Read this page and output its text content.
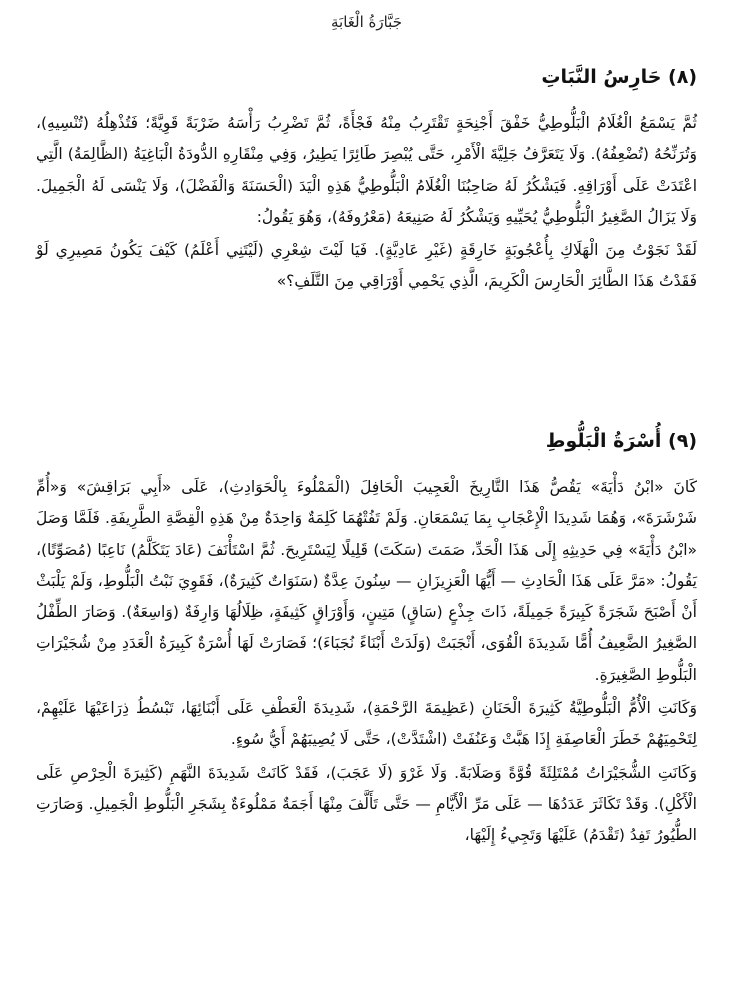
جَبَّارَةُ الْغَابَةِ
(٨) حَارِسُ النَّبَاتِ

ثُمَّ يَسْمَعُ الْغُلَامُ الْبَلُّوطِيُّ خَفْقَ أَجْنِحَةٍ تَقْتَرِبُ مِنْهُ فَجْأَةً، ثُمَّ تَضْرِبُ رَأْسَهُ ضَرْبَةً قَوِيَّةً؛ فَتُذْهِلُهُ (تُنْسِيهِ)، وَتُرَنِّحُهُ (تُضْعِفُهُ). وَلَا يَتَعَرَّفُ جَلِيَّةَ الْأَمْرِ، حَتَّى يُبْصِرَ طَائِرًا يَطِيرُ، وَفِي مِنْقَارِهِ الدُّودَةُ الْبَاغِيَةُ (الظَّالِمَةُ) الَّتِي اعْتَدَتْ عَلَى أَوْرَاقِهِ. فَيَشْكُرُ لَهُ صَاحِبُنَا الْغُلَامُ الْبَلُّوطِيُّ هَذِهِ الْيَدَ (الْحَسَنَةَ وَالْفَضْلَ)، وَلَا يَنْسَى لَهُ الْجَمِيلَ. وَلَا يَزَالُ الصَّغِيرُ الْبَلُّوطِيُّ يُحَيِّيهِ وَيَشْكُرُ لَهُ صَنِيعَهُ (مَعْرُوفَهُ)، وَهُوَ يَقُولُ:

لَقَدْ نَجَوْتُ مِنَ الْهَلَاكِ بِأُعْجُوبَةٍ خَارِقَةٍ (غَيْرِ عَادِيَّةٍ). فَيَا لَيْتَ شِعْرِي (لَيْتَنِي أَعْلَمُ) كَيْفَ يَكُونُ مَصِيرِي لَوْ فَقَدْتُ هَذَا الطَّائِرَ الْحَارِسَ الْكَرِيمَ، الَّذِي يَحْمِي أَوْرَاقِي مِنَ التَّلَفِ؟»

(٩) أُسْرَةُ الْبَلُّوطِ

كَانَ «ابْنُ دَأْيَةَ» يَقُصُّ هَذَا التَّارِيخَ الْعَجِيبَ الْحَافِلَ (الْمَمْلُوءَ بِالْحَوَادِثِ)، عَلَى «أَبِي بَرَاقِشَ» وَ«أُمِّ شَرْشَرَةَ»، وَهُمَا شَدِيدَا الْإِعْجَابِ بِمَا يَسْمَعَانِ. وَلَمْ تَفُتْهُمَا كَلِمَةٌ وَاحِدَةٌ مِنْ هَذِهِ الْقِصَّةِ الطَّرِيفَةِ. فَلَمَّا وَصَلَ «ابْنُ دَأْيَةَ» فِي حَدِيثِهِ إِلَى هَذَا الْحَدِّ، صَمَتَ (سَكَتَ) قَلِيلًا لِيَسْتَرِيحَ. ثُمَّ اسْتَأْنَفَ (عَادَ يَتَكَلَّمُ) نَاعِبًا (مُصَوِّتًا)، يَقُولُ: «مَرَّ عَلَى هَذَا الْحَادِثِ — أَيُّهَا الْعَزِيزَانِ — سِنُونَ عِدَّةٌ (سَنَوَاتٌ كَثِيرَةٌ)، فَقَوِيَ نَبْتُ الْبَلُّوطِ، وَلَمْ يَلْبَثْ أَنْ أَصْبَحَ شَجَرَةً كَبِيرَةً جَمِيلَةً، ذَاتَ جِذْعٍ (سَاقٍ) مَتِينٍ، وَأَوْرَاقٍ كَثِيفَةٍ، ظِلَالُهَا وَارِفَةٌ (وَاسِعَةٌ). وَصَارَ الطِّفْلُ الصَّغِيرُ الضَّعِيفُ أُمًّا شَدِيدَةَ الْقُوَى، أَنْجَبَتْ (وَلَدَتْ أَبْنَاءً نُجَبَاءَ)؛ فَصَارَتْ لَهَا أُسْرَةٌ كَبِيرَةُ الْعَدَدِ مِنْ شُجَيْرَاتِ الْبَلُّوطِ الصَّغِيرَةِ.

وَكَانَتِ الْأُمُّ الْبَلُّوطِيَّةُ كَثِيرَةَ الْحَنَانِ (عَظِيمَةَ الرَّحْمَةِ)، شَدِيدَةَ الْعَطْفِ عَلَى أَبْنَائِهَا، تَبْسُطُ ذِرَاعَيْهَا عَلَيْهِمْ، لِتَحْمِيَهُمْ خَطَرَ الْعَاصِفَةِ إِذَا هَبَّتْ وَعَنُفَتْ (اشْتَدَّتْ)، حَتَّى لَا يُصِيبَهُمْ أَيُّ سُوءٍ.

وَكَانَتِ الشُّجَيْرَاتُ مُمْتَلِئَةً قُوَّةً وَصَلَابَةً. وَلَا غَرْوَ (لَا عَجَبَ)، فَقَدْ كَانَتْ شَدِيدَةَ النَّهَمِ (كَثِيرَةَ الْحِرْصِ عَلَى الْأَكْلِ). وَقَدْ تَكَاثَرَ عَدَدُهَا — عَلَى مَرِّ الْأَيَّامِ — حَتَّى تَأَلَّفَ مِنْهَا أَجَمَةٌ مَمْلُوءَةٌ بِشَجَرِ الْبَلُّوطِ الْجَمِيلِ. وَصَارَتِ الطُّيُورُ تَفِدُ (تَقْدَمُ) عَلَيْهَا وَتَجِيءُ إِلَيْهَا،
